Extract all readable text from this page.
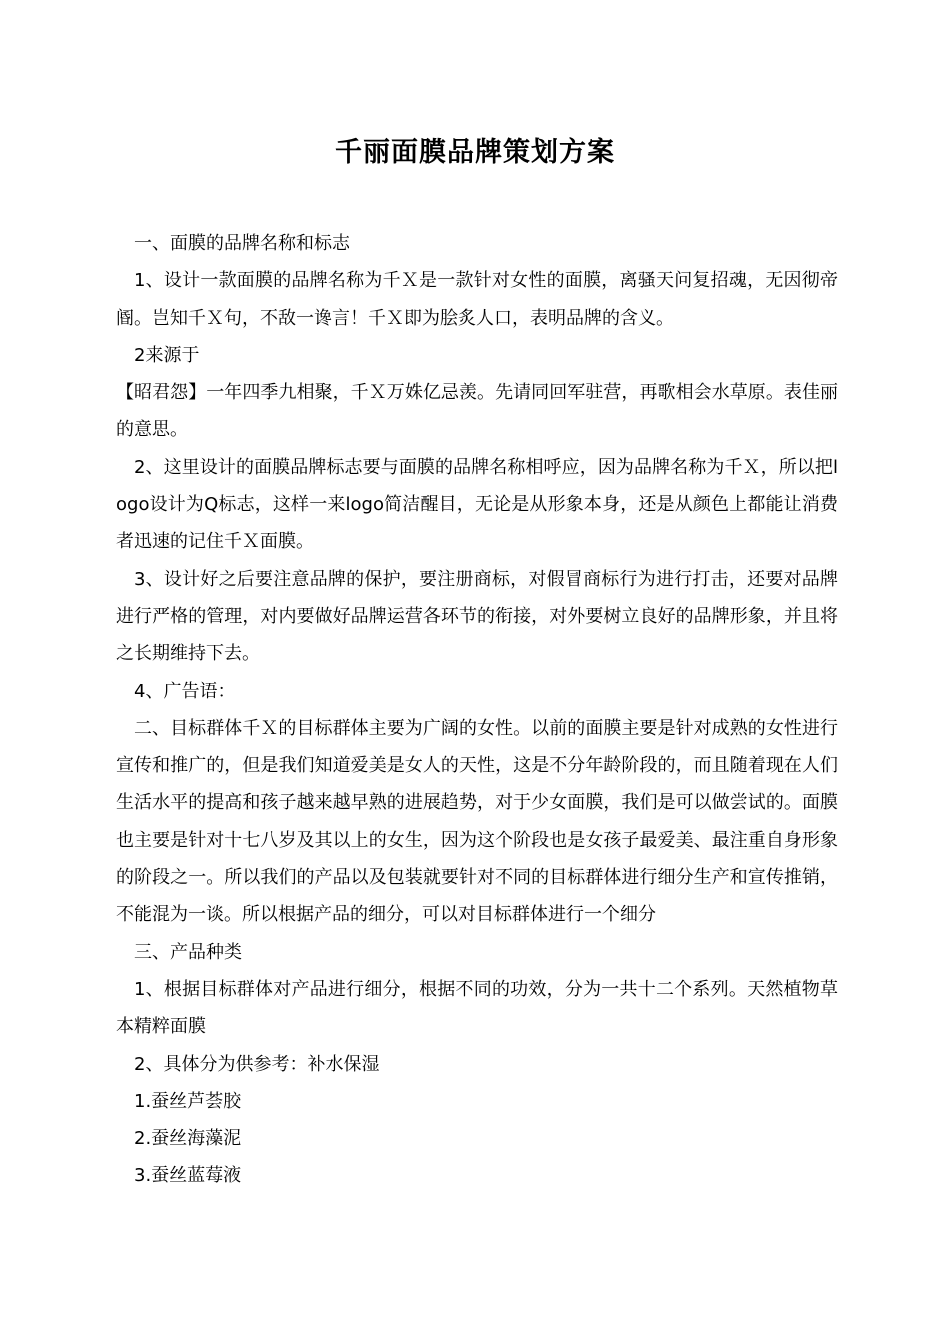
千丽面膜品牌策划方案

一、面膜的品牌名称和标志

1、设计一款面膜的品牌名称为千Ｘ是一款针对女性的面膜，离骚天问复招魂，无因彻帝阍。岂知千Ｘ句，不敌一谗言！千Ｘ即为脍炙人口，表明品牌的含义。

2来源于

【昭君怨】一年四季九相聚，千Ｘ万姝亿忌羡。先请同回军驻营，再歌相会水草原。表佳丽的意思。

2、这里设计的面膜品牌标志要与面膜的品牌名称相呼应，因为品牌名称为千Ｘ，所以把logo设计为Q标志，这样一来logo简洁醒目，无论是从形象本身，还是从颜色上都能让消费者迅速的记住千Ｘ面膜。

3、设计好之后要注意品牌的保护，要注册商标，对假冒商标行为进行打击，还要对品牌进行严格的管理，对内要做好品牌运营各环节的衔接，对外要树立良好的品牌形象，并且将之长期维持下去。

4、广告语：

二、目标群体千Ｘ的目标群体主要为广阔的女性。以前的面膜主要是针对成熟的女性进行宣传和推广的，但是我们知道爱美是女人的天性，这是不分年龄阶段的，而且随着现在人们生活水平的提高和孩子越来越早熟的进展趋势，对于少女面膜，我们是可以做尝试的。面膜也主要是针对十七八岁及其以上的女生，因为这个阶段也是女孩子最爱美、最注重自身形象的阶段之一。所以我们的产品以及包装就要针对不同的目标群体进行细分生产和宣传推销，不能混为一谈。所以根据产品的细分，可以对目标群体进行一个细分

三、产品种类

1、根据目标群体对产品进行细分，根据不同的功效，分为一共十二个系列。天然植物草本精粹面膜

2、具体分为供参考：补水保湿

1.蚕丝芦荟胶

2.蚕丝海藻泥

3.蚕丝蓝莓液
